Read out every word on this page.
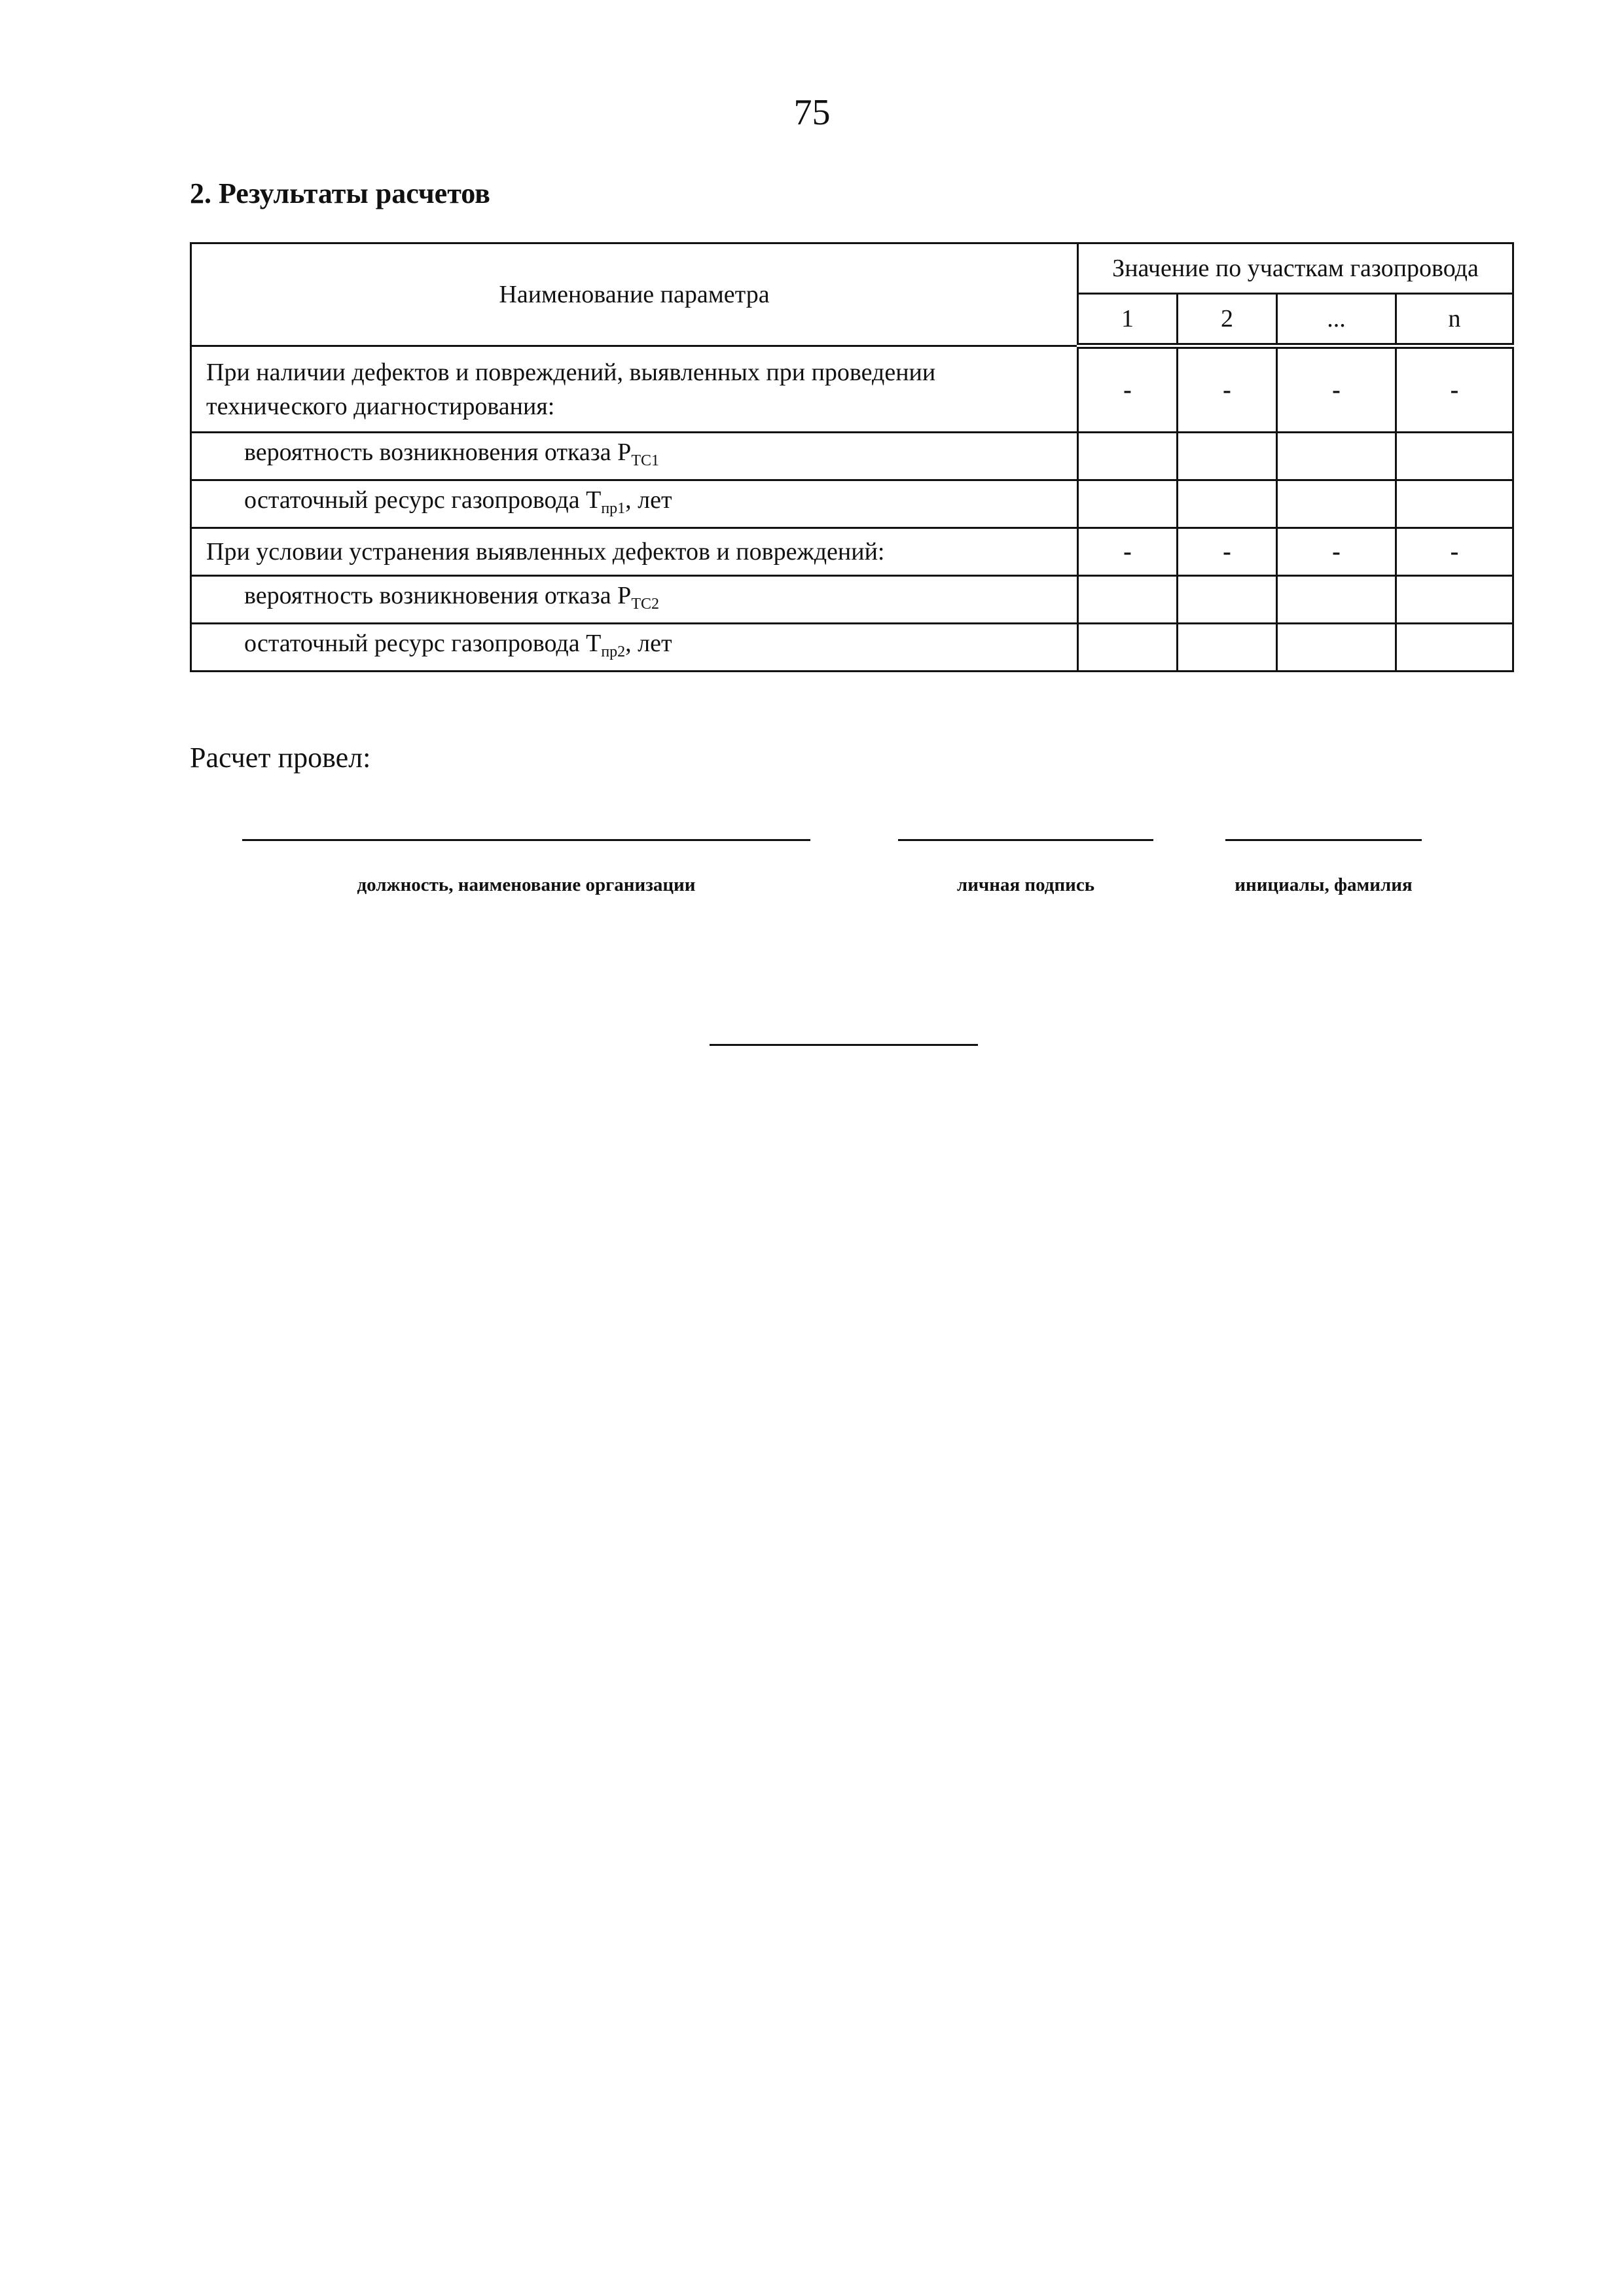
75
2. Результаты расчетов
Наименование параметра	Значение по участкам газопровода			
	1	2	...	n
При наличии дефектов и повреждений, выявленных при проведении технического диагностирования:	-	-	-	-
вероятность возникновения отказа $P_{TC1}$				
остаточный ресурс газопровода $T_{пр1}$, лет				
При условии устранения выявленных дефектов и повреждений:	-	-	-	-
вероятность возникновения отказа $P_{TC2}$				
остаточный ресурс газопровода $T_{пр2}$, лет				
Расчет провел:
должность, наименование организации	личная подпись	инициалы, фамилия
